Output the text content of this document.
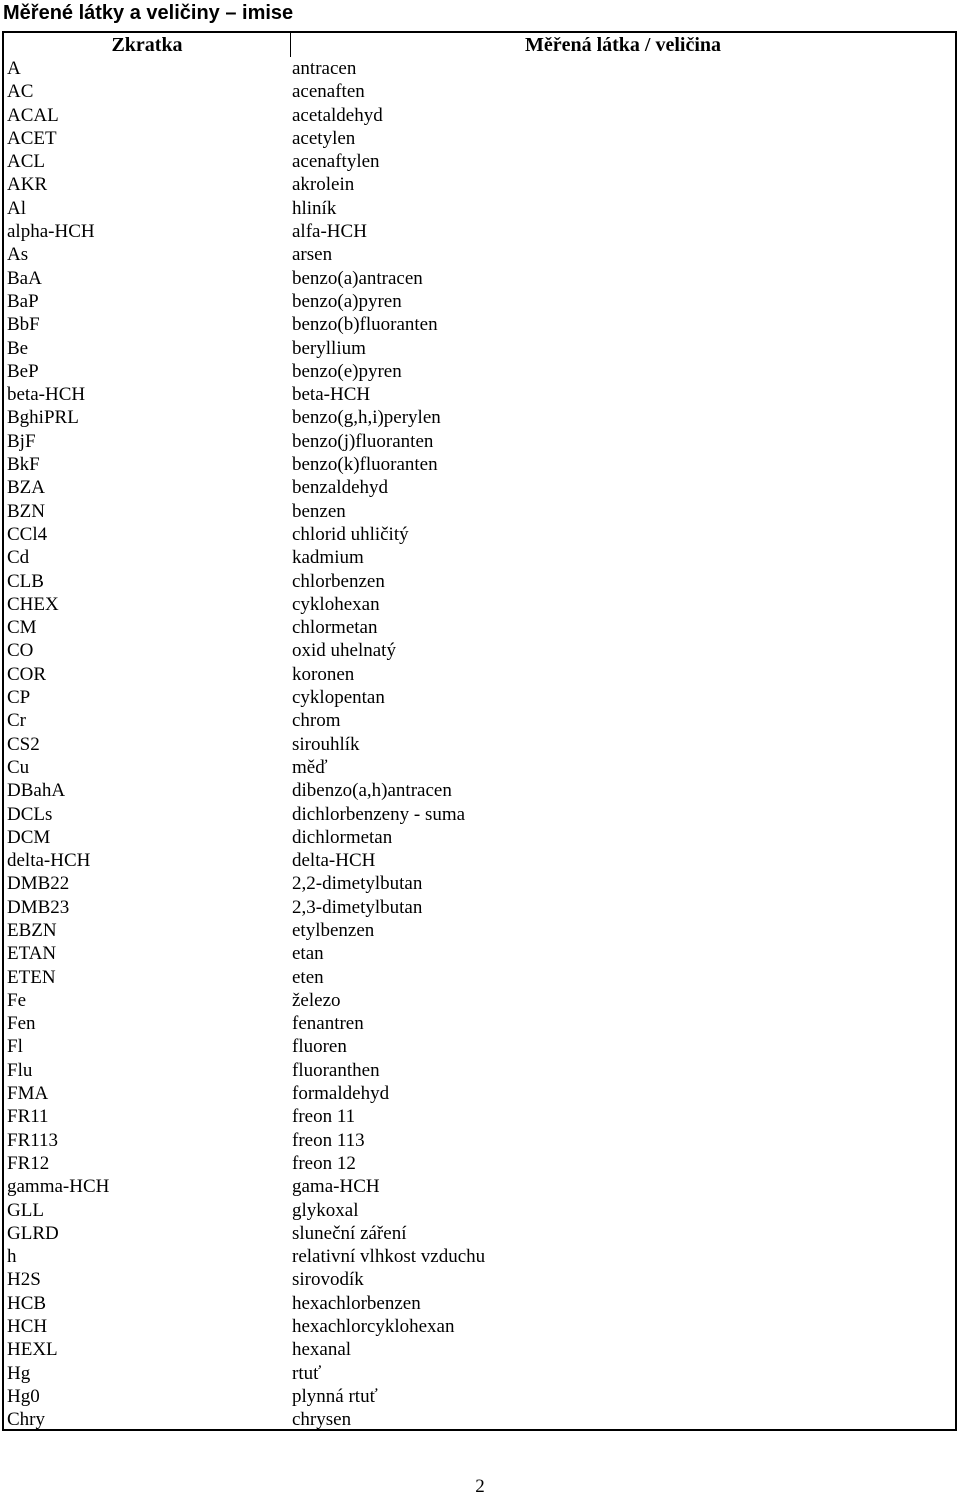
Měřené látky a veličiny – imise
Zkratka	Měřená látka / veličina
A	antracen
AC	acenaften
ACAL	acetaldehyd
ACET	acetylen
ACL	acenaftylen
AKR	akrolein
Al	hliník
alpha-HCH	alfa-HCH
As	arsen
BaA	benzo(a)antracen
BaP	benzo(a)pyren
BbF	benzo(b)fluoranten
Be	beryllium
BeP	benzo(e)pyren
beta-HCH	beta-HCH
BghiPRL	benzo(g,h,i)perylen
BjF	benzo(j)fluoranten
BkF	benzo(k)fluoranten
BZA	benzaldehyd
BZN	benzen
CCl4	chlorid uhličitý
Cd	kadmium
CLB	chlorbenzen
CHEX	cyklohexan
CM	chlormetan
CO	oxid uhelnatý
COR	koronen
CP	cyklopentan
Cr	chrom
CS2	sirouhlík
Cu	měď
DBahA	dibenzo(a,h)antracen
DCLs	dichlorbenzeny - suma
DCM	dichlormetan
delta-HCH	delta-HCH
DMB22	2,2-dimetylbutan
DMB23	2,3-dimetylbutan
EBZN	etylbenzen
ETAN	etan
ETEN	eten
Fe	železo
Fen	fenantren
Fl	fluoren
Flu	fluoranthen
FMA	formaldehyd
FR11	freon 11
FR113	freon 113
FR12	freon 12
gamma-HCH	gama-HCH
GLL	glykoxal
GLRD	sluneční záření
h	relativní vlhkost vzduchu
H2S	sirovodík
HCB	hexachlorbenzen
HCH	hexachlorcyklohexan
HEXL	hexanal
Hg	rtuť
Hg0	plynná rtuť
Chry	chrysen
2
